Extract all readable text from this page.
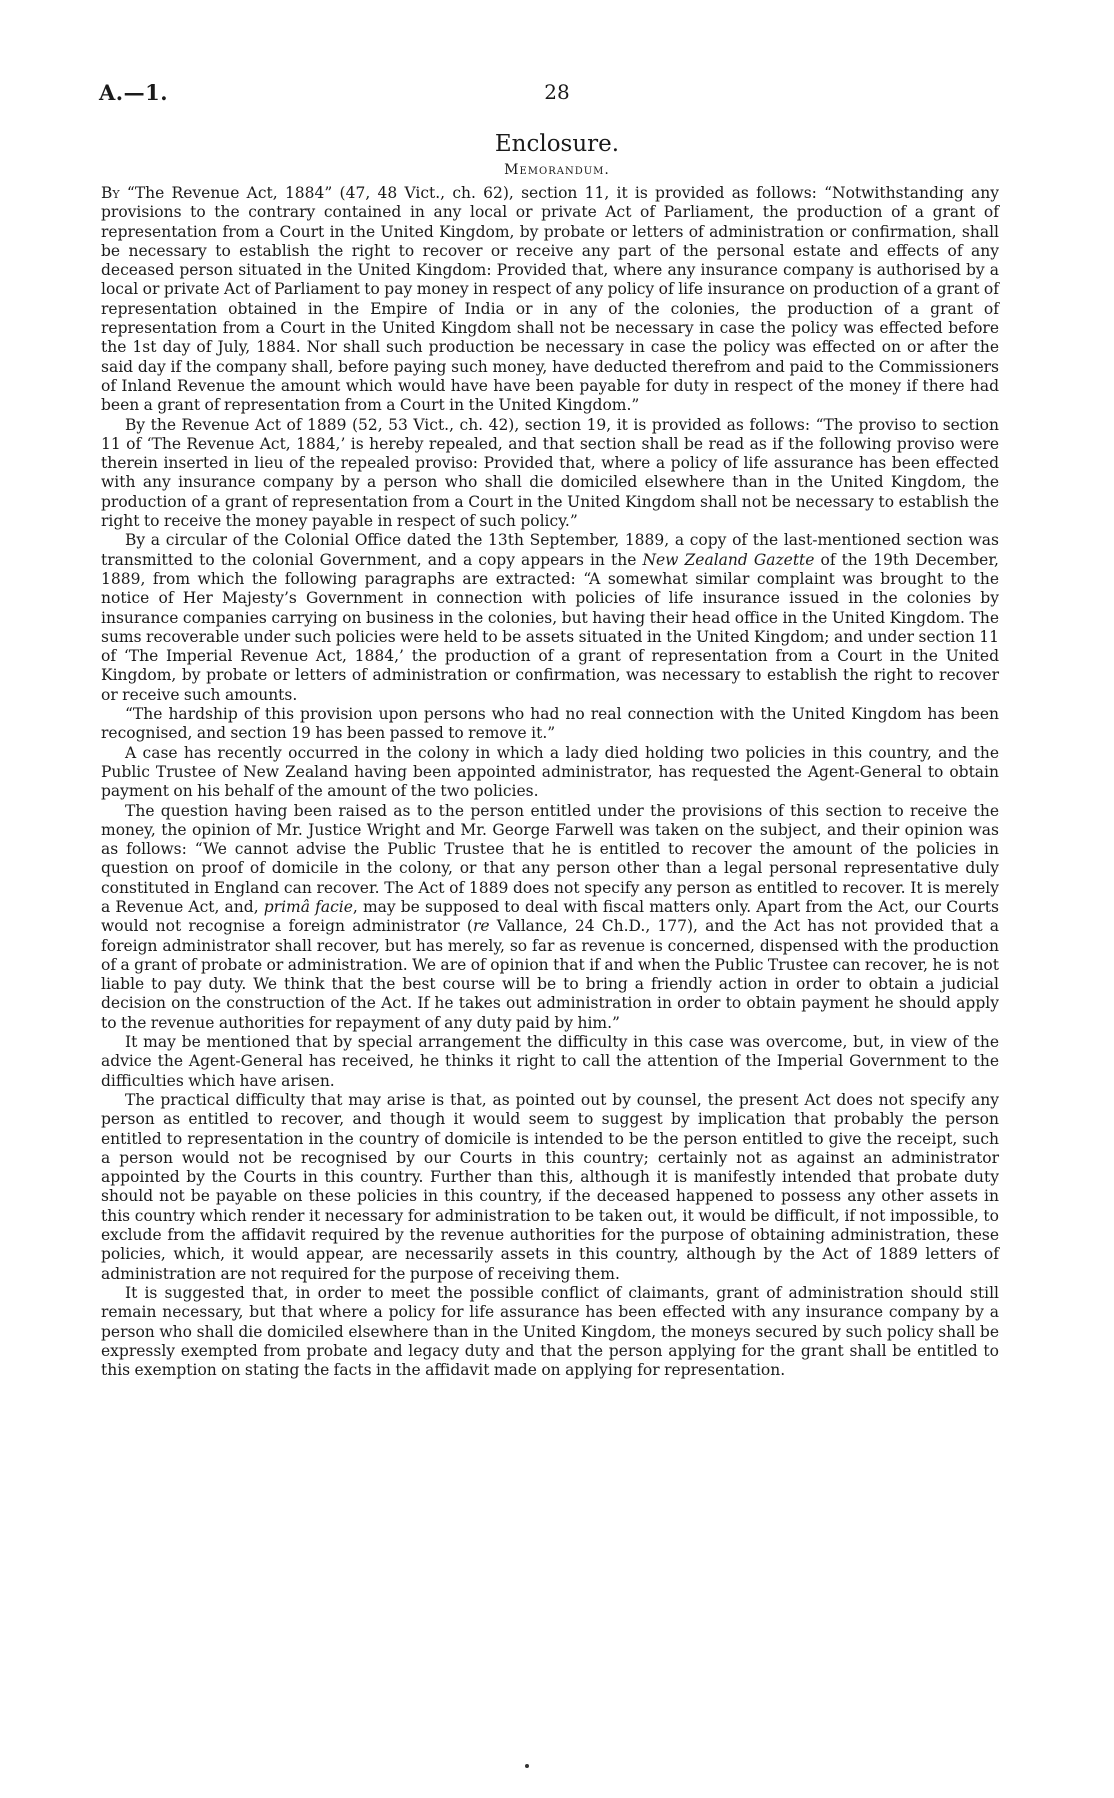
A.—1.	28
Enclosure.
Memorandum.

By “The Revenue Act, 1884” (47, 48 Vict., ch. 62), section 11, it is provided as follows: “Notwithstanding any provisions to the contrary contained in any local or private Act of Parliament, the production of a grant of representation from a Court in the United Kingdom, by probate or letters of administration or confirmation, shall be necessary to establish the right to recover or receive any part of the personal estate and effects of any deceased person situated in the United Kingdom: Provided that, where any insurance company is authorised by a local or private Act of Parliament to pay money in respect of any policy of life insurance on production of a grant of representation obtained in the Empire of India or in any of the colonies, the production of a grant of representation from a Court in the United Kingdom shall not be necessary in case the policy was effected before the 1st day of July, 1884. Nor shall such production be necessary in case the policy was effected on or after the said day if the company shall, before paying such money, have deducted therefrom and paid to the Commissioners of Inland Revenue the amount which would have have been payable for duty in respect of the money if there had been a grant of representation from a Court in the United Kingdom.”

By the Revenue Act of 1889 (52, 53 Vict., ch. 42), section 19, it is provided as follows: “The proviso to section 11 of ‘The Revenue Act, 1884,’ is hereby repealed, and that section shall be read as if the following proviso were therein inserted in lieu of the repealed proviso: Provided that, where a policy of life assurance has been effected with any insurance company by a person who shall die domiciled elsewhere than in the United Kingdom, the production of a grant of representation from a Court in the United Kingdom shall not be necessary to establish the right to receive the money payable in respect of such policy.”

By a circular of the Colonial Office dated the 13th September, 1889, a copy of the last-mentioned section was transmitted to the colonial Government, and a copy appears in the New Zealand Gazette of the 19th December, 1889, from which the following paragraphs are extracted: “A somewhat similar complaint was brought to the notice of Her Majesty’s Government in connection with policies of life insurance issued in the colonies by insurance companies carrying on business in the colonies, but having their head office in the United Kingdom. The sums recoverable under such policies were held to be assets situated in the United Kingdom; and under section 11 of ‘The Imperial Revenue Act, 1884,’ the production of a grant of representation from a Court in the United Kingdom, by probate or letters of administration or confirmation, was necessary to establish the right to recover or receive such amounts.

“The hardship of this provision upon persons who had no real connection with the United Kingdom has been recognised, and section 19 has been passed to remove it.”

A case has recently occurred in the colony in which a lady died holding two policies in this country, and the Public Trustee of New Zealand having been appointed administrator, has requested the Agent-General to obtain payment on his behalf of the amount of the two policies.

The question having been raised as to the person entitled under the provisions of this section to receive the money, the opinion of Mr. Justice Wright and Mr. George Farwell was taken on the subject, and their opinion was as follows: “We cannot advise the Public Trustee that he is entitled to recover the amount of the policies in question on proof of domicile in the colony, or that any person other than a legal personal representative duly constituted in England can recover. The Act of 1889 does not specify any person as entitled to recover. It is merely a Revenue Act, and, primâ facie, may be supposed to deal with fiscal matters only. Apart from the Act, our Courts would not recognise a foreign administrator (re Vallance, 24 Ch.D., 177), and the Act has not provided that a foreign administrator shall recover, but has merely, so far as revenue is concerned, dispensed with the production of a grant of probate or administration. We are of opinion that if and when the Public Trustee can recover, he is not liable to pay duty. We think that the best course will be to bring a friendly action in order to obtain a judicial decision on the construction of the Act. If he takes out administration in order to obtain payment he should apply to the revenue authorities for repayment of any duty paid by him.”

It may be mentioned that by special arrangement the difficulty in this case was overcome, but, in view of the advice the Agent-General has received, he thinks it right to call the attention of the Imperial Government to the difficulties which have arisen.

The practical difficulty that may arise is that, as pointed out by counsel, the present Act does not specify any person as entitled to recover, and though it would seem to suggest by implication that probably the person entitled to representation in the country of domicile is intended to be the person entitled to give the receipt, such a person would not be recognised by our Courts in this country; certainly not as against an administrator appointed by the Courts in this country. Further than this, although it is manifestly intended that probate duty should not be payable on these policies in this country, if the deceased happened to possess any other assets in this country which render it necessary for administration to be taken out, it would be difficult, if not impossible, to exclude from the affidavit required by the revenue authorities for the purpose of obtaining administration, these policies, which, it would appear, are necessarily assets in this country, although by the Act of 1889 letters of administration are not required for the purpose of receiving them.

It is suggested that, in order to meet the possible conflict of claimants, grant of administration should still remain necessary, but that where a policy for life assurance has been effected with any insurance company by a person who shall die domiciled elsewhere than in the United Kingdom, the moneys secured by such policy shall be expressly exempted from probate and legacy duty and that the person applying for the grant shall be entitled to this exemption on stating the facts in the affidavit made on applying for representation.
